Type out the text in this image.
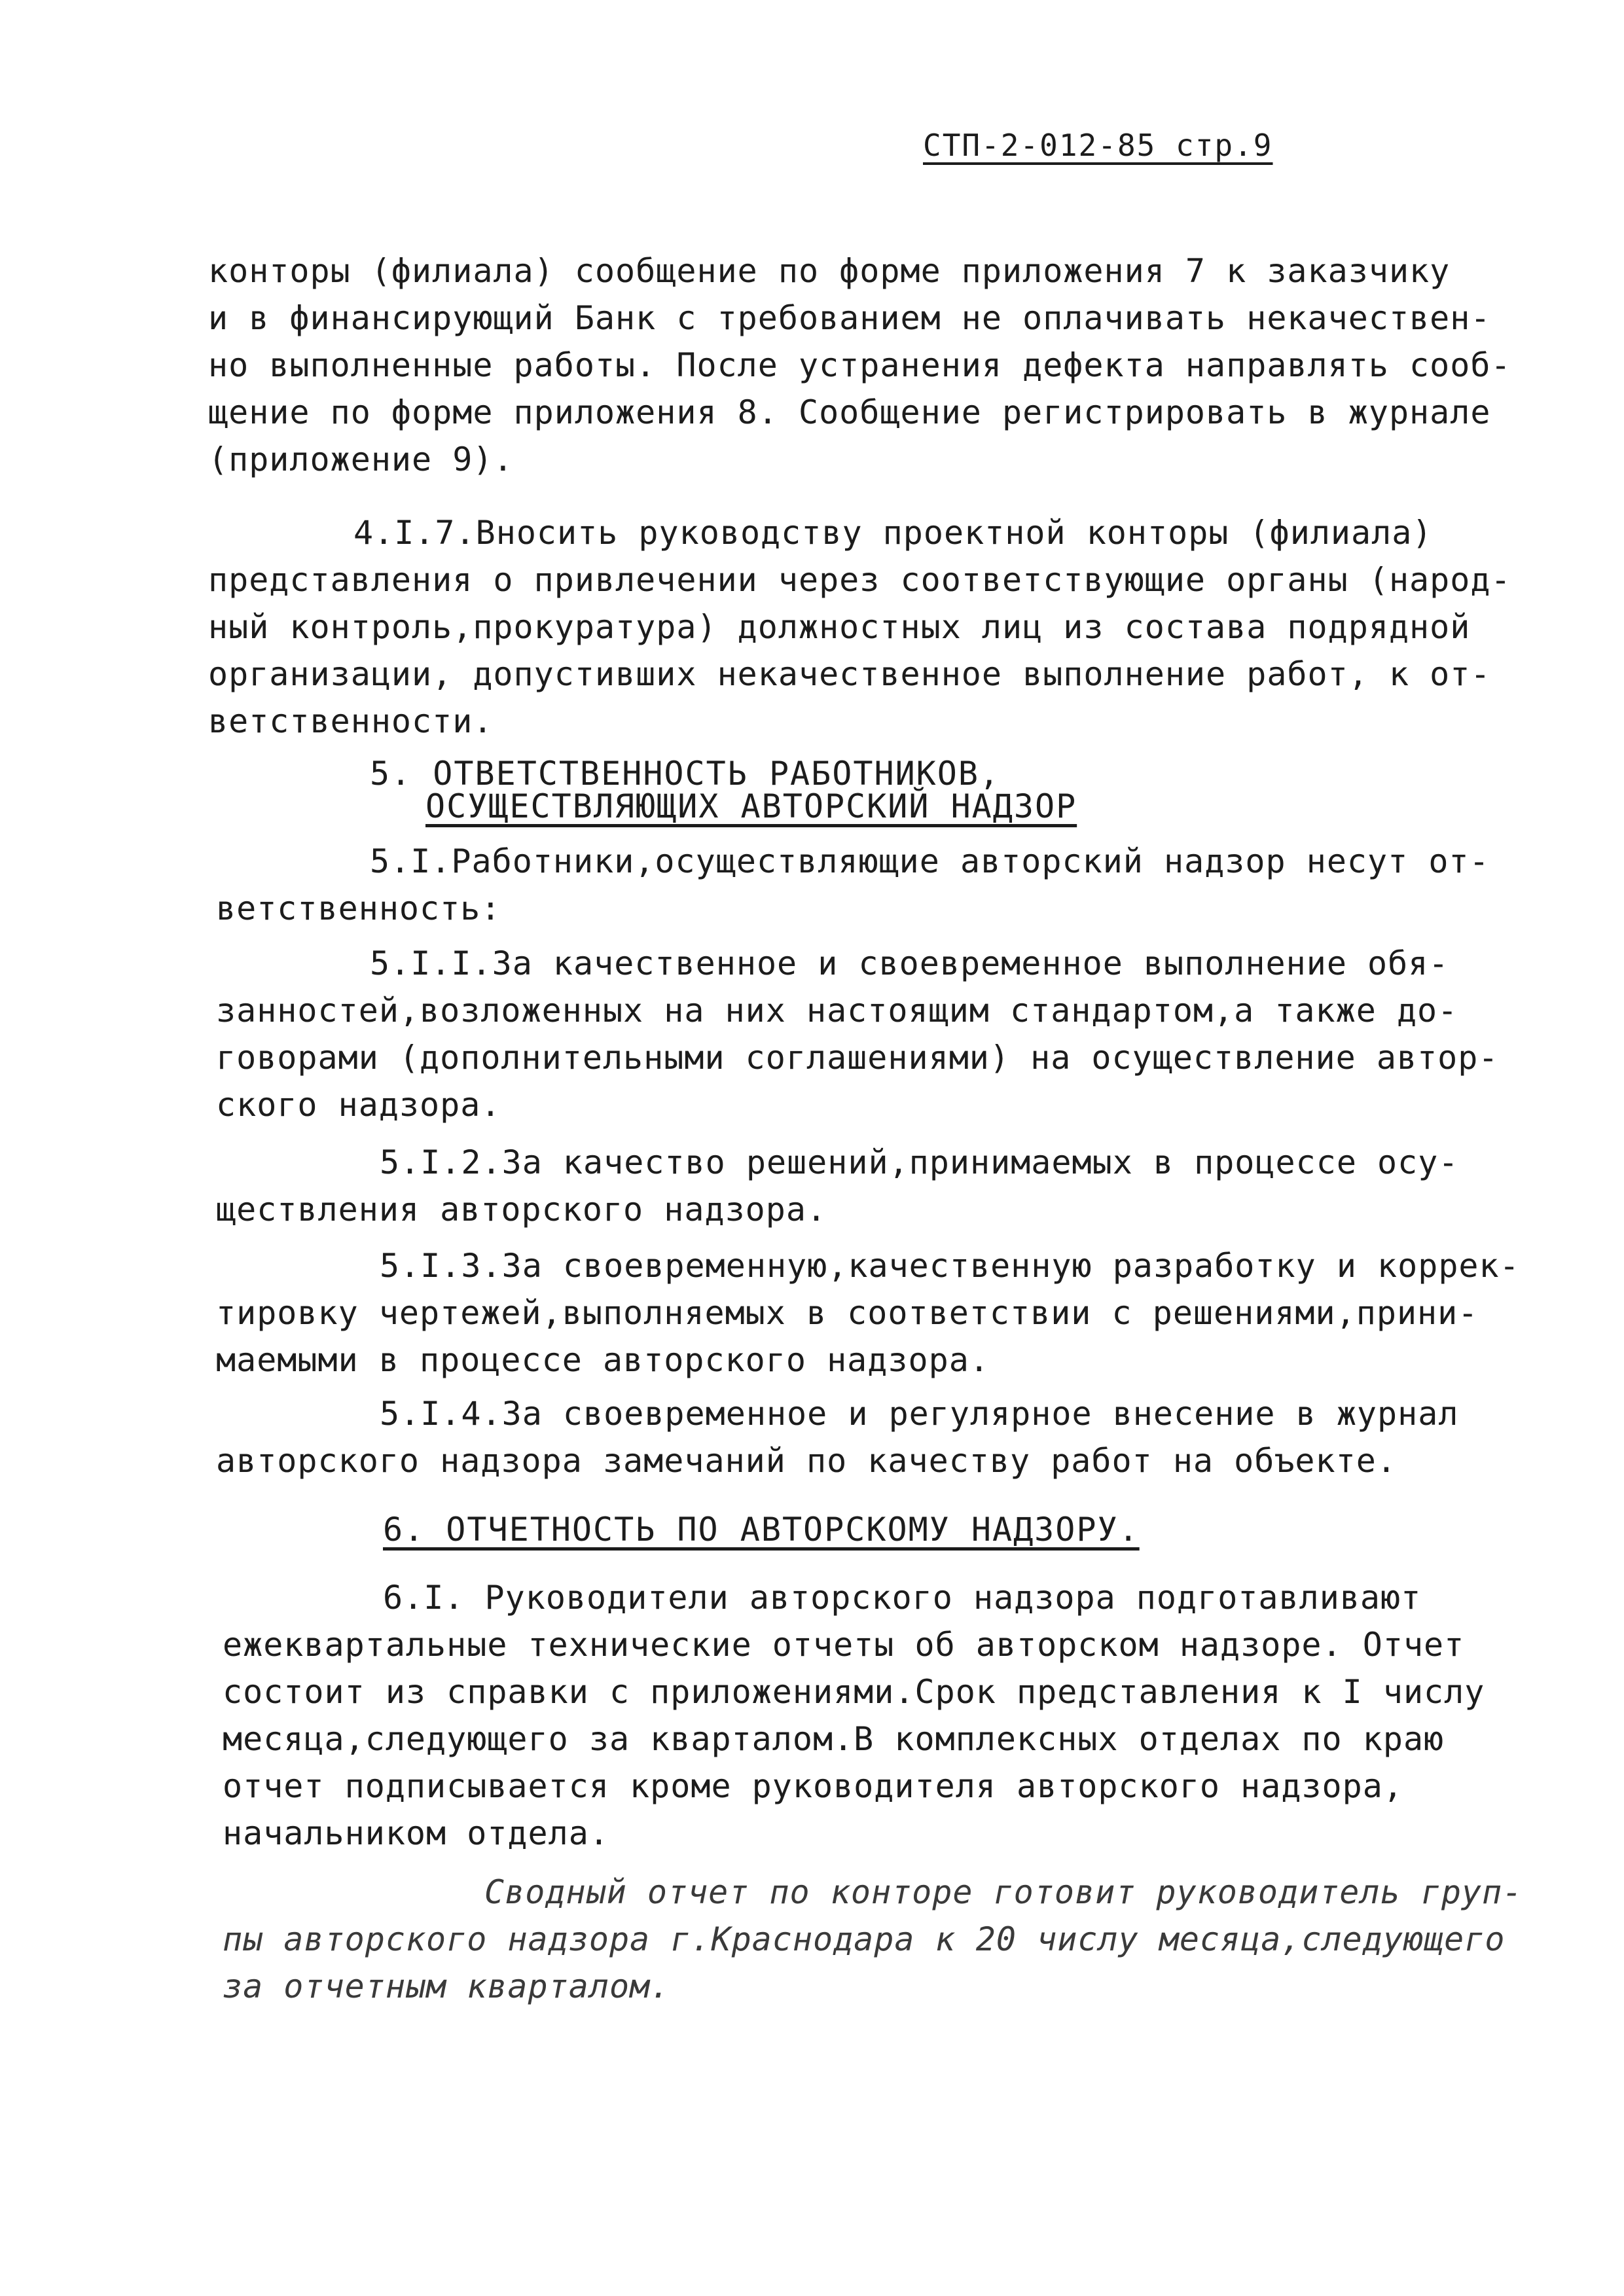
СТП-2-012-85 стр.9
конторы (филиала) сообщение по форме приложения 7 к заказчику
и в финансирующий Банк с требованием не оплачивать некачествен-
но выполненные работы. После устранения дефекта направлять сооб-
щение по форме приложения 8. Сообщение регистрировать в журнале
(приложение 9).
4.I.7.Вносить руководству проектной конторы (филиала)
представления о привлечении через соответствующие органы (народ-
ный контроль,прокуратура) должностных лиц из состава подрядной
организации, допустивших некачественное выполнение работ, к от-
ветственности.
5. ОТВЕТСТВЕННОСТЬ РАБОТНИКОВ,
ОСУЩЕСТВЛЯЮЩИХ АВТОРСКИЙ НАДЗОР
5.I.Работники,осуществляющие авторский надзор несут от-
ветственность:
5.I.I.За качественное и своевременное выполнение обя-
занностей,возложенных на них настоящим стандартом,а также до-
говорами (дополнительными соглашениями) на осуществление автор-
ского надзора.
5.I.2.За качество решений,принимаемых в процессе осу-
ществления авторского надзора.
5.I.3.За своевременную,качественную разработку и коррек-
тировку чертежей,выполняемых в соответствии с решениями,прини-
маемыми в процессе авторского надзора.
5.I.4.За своевременное и регулярное внесение в журнал
авторского надзора замечаний по качеству работ на объекте.
6. ОТЧЕТНОСТЬ ПО АВТОРСКОМУ НАДЗОРУ.
6.I. Руководители авторского надзора подготавливают
ежеквартальные технические отчеты об авторском надзоре. Отчет
состоит из справки с приложениями.Срок представления к I числу
месяца,следующего за кварталом.В комплексных отделах по краю
отчет подписывается кроме руководителя авторского надзора,
начальником отдела.
Сводный отчет по конторе готовит руководитель груп-
пы авторского надзора г.Краснодара к 20 числу месяца,следующего
за отчетным кварталом.
